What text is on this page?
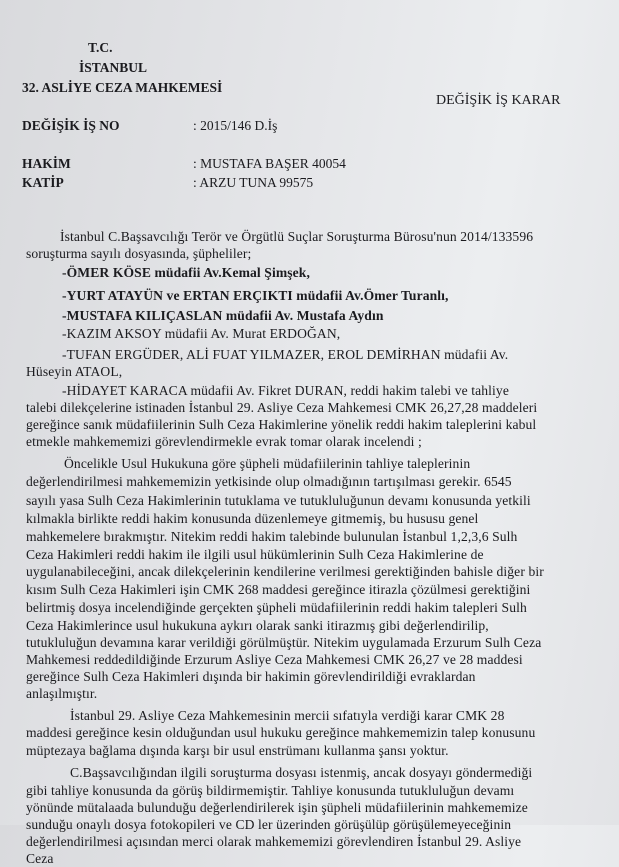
T.C.
İSTANBUL
32. ASLİYE CEZA MAHKEMESİ
DEĞİŞİK İŞ KARAR
DEĞİŞİK İŞ NO	: 2015/146 D.İş
HAKİM	: MUSTAFA BAŞER 40054
KATİP	: ARZU TUNA 99575
İstanbul C.Başsavcılığı Terör ve Örgütlü Suçlar Soruşturma Bürosu'nun 2014/133596
soruşturma sayılı dosyasında, şüpheliler;
-ÖMER KÖSE müdafii Av.Kemal Şimşek,
-YURT ATAYÜN ve ERTAN ERÇIKTI müdafii Av.Ömer Turanlı,
-MUSTAFA KILIÇASLAN müdafii Av. Mustafa Aydın
-KAZIM AKSOY müdafii Av. Murat ERDOĞAN,
-TUFAN ERGÜDER, ALİ FUAT YILMAZER, EROL DEMİRHAN müdafii Av.
Hüseyin ATAOL,
-HİDAYET KARACA müdafii Av. Fikret DURAN, reddi hakim talebi ve tahliye
talebi dilekçelerine istinaden İstanbul 29. Asliye Ceza Mahkemesi CMK 26,27,28 maddeleri
gereğince sanık müdafiilerinin Sulh Ceza Hakimlerine yönelik reddi hakim taleplerini kabul
etmekle mahkememizi görevlendirmekle evrak tomar olarak incelendi ;
Öncelikle Usul Hukukuna göre şüpheli müdafiilerinin tahliye taleplerinin
değerlendirilmesi mahkememizin yetkisinde olup olmadığının tartışılması gerekir. 6545
sayılı yasa Sulh Ceza Hakimlerinin tutuklama ve tutukluluğunun devamı konusunda yetkili
kılmakla birlikte reddi hakim konusunda düzenlemeye gitmemiş, bu hususu genel
mahkemelere bırakmıştır. Nitekim reddi hakim talebinde bulunulan İstanbul 1,2,3,6 Sulh
Ceza Hakimleri reddi hakim ile ilgili usul hükümlerinin Sulh Ceza Hakimlerine de
uygulanabileceğini, ancak dilekçelerinin kendilerine verilmesi gerektiğinden bahisle diğer bir
kısım Sulh Ceza Hakimleri işin CMK 268 maddesi gereğince itirazla çözülmesi gerektiğini
belirtmiş dosya incelendiğinde gerçekten şüpheli müdafiilerinin reddi hakim talepleri Sulh
Ceza Hakimlerince usul hukukuna aykırı olarak sanki itirazmış gibi değerlendirilip,
tutukluluğun devamına karar verildiği görülmüştür. Nitekim uygulamada Erzurum Sulh Ceza
Mahkemesi reddedildiğinde Erzurum Asliye Ceza Mahkemesi CMK 26,27 ve 28 maddesi
gereğince Sulh Ceza Hakimleri dışında bir hakimin görevlendirildiği evraklardan
anlaşılmıştır.
İstanbul 29. Asliye Ceza Mahkemesinin mercii sıfatıyla verdiği karar CMK 28
maddesi gereğince kesin olduğundan usul hukuku gereğince mahkememizin talep konusunu
müptezaya bağlama dışında karşı bir usul enstrümanı kullanma şansı yoktur.
C.Başsavcılığından ilgili soruşturma dosyası istenmiş, ancak dosyayı göndermediği
gibi tahliye konusunda da görüş bildirmemiştir. Tahliye konusunda tutukluluğun devamı
yönünde mütalaada bulunduğu değerlendirilerek işin şüpheli müdafiilerinin mahkememize
sunduğu onaylı dosya fotokopileri ve CD ler üzerinden görüşülüp görüşülemeyeceğinin
değerlendirilmesi açısından merci olarak mahkememizi görevlendiren İstanbul 29. Asliye
Ceza
